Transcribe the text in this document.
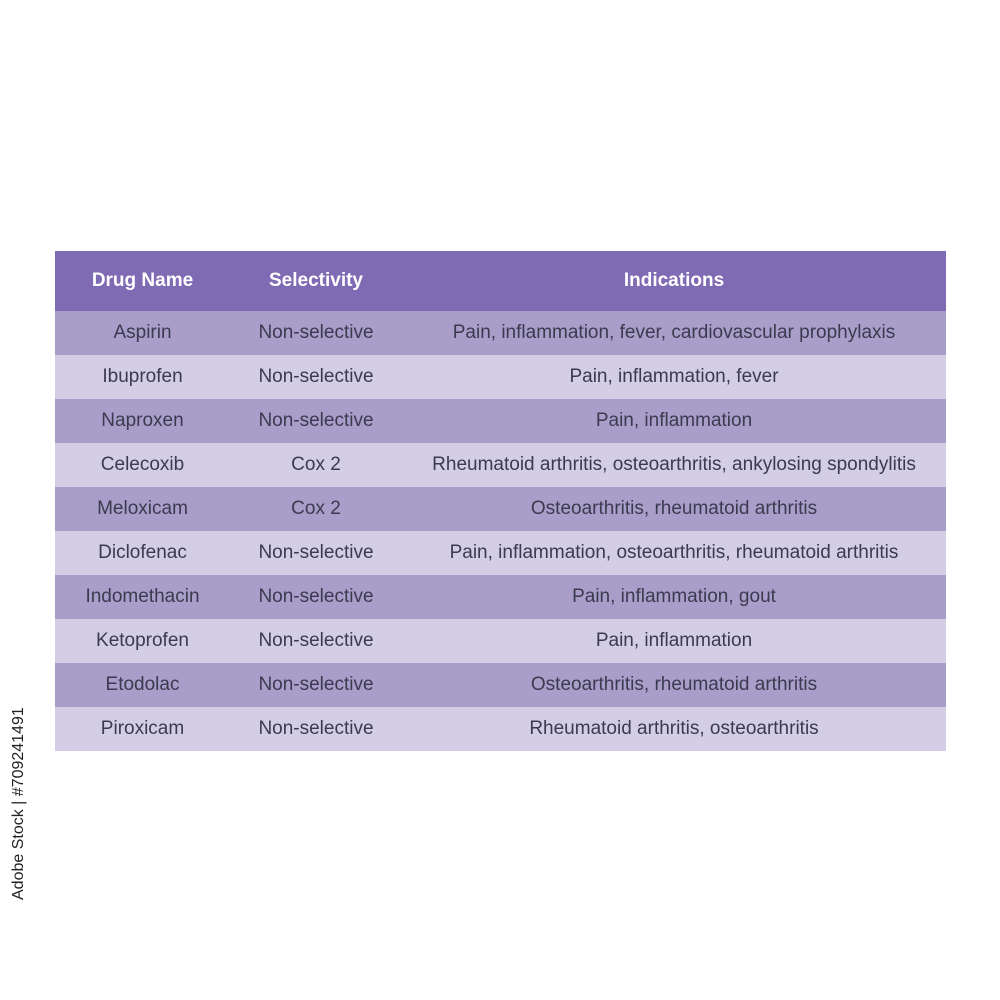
Drug Name	Selectivity	Indications
Aspirin	Non-selective	Pain, inflammation, fever, cardiovascular prophylaxis
Ibuprofen	Non-selective	Pain, inflammation, fever
Naproxen	Non-selective	Pain, inflammation
Celecoxib	Cox 2	Rheumatoid arthritis, osteoarthritis, ankylosing spondylitis
Meloxicam	Cox 2	Osteoarthritis, rheumatoid arthritis
Diclofenac	Non-selective	Pain, inflammation, osteoarthritis, rheumatoid arthritis
Indomethacin	Non-selective	Pain, inflammation, gout
Ketoprofen	Non-selective	Pain, inflammation
Etodolac	Non-selective	Osteoarthritis, rheumatoid arthritis
Piroxicam	Non-selective	Rheumatoid arthritis, osteoarthritis
Adobe Stock | #709241491
